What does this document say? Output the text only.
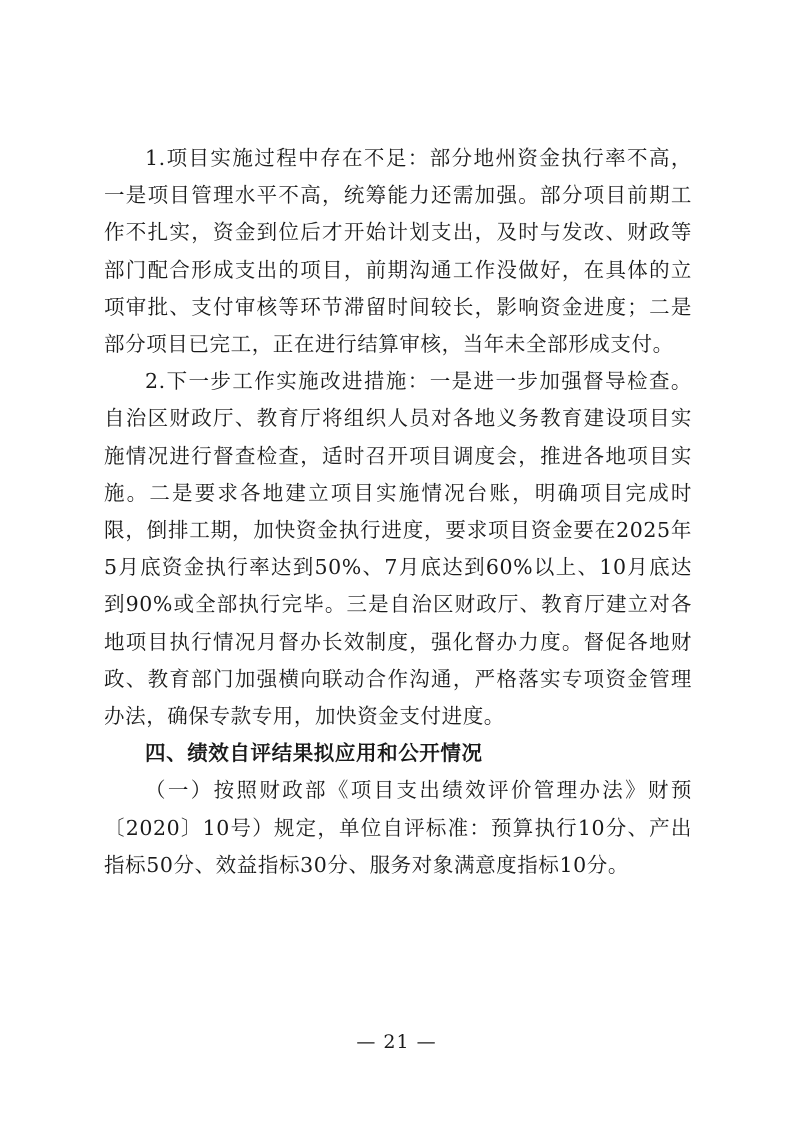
1.项目实施过程中存在不足：部分地州资金执行率不高，一是项目管理水平不高，统筹能力还需加强。部分项目前期工作不扎实，资金到位后才开始计划支出，及时与发改、财政等部门配合形成支出的项目，前期沟通工作没做好，在具体的立项审批、支付审核等环节滞留时间较长，影响资金进度；二是部分项目已完工，正在进行结算审核，当年未全部形成支付。

2.下一步工作实施改进措施：一是进一步加强督导检查。自治区财政厅、教育厅将组织人员对各地义务教育建设项目实施情况进行督查检查，适时召开项目调度会，推进各地项目实施。二是要求各地建立项目实施情况台账，明确项目完成时限，倒排工期，加快资金执行进度，要求项目资金要在2025年5月底资金执行率达到50%、7月底达到60%以上、10月底达到90%或全部执行完毕。三是自治区财政厅、教育厅建立对各地项目执行情况月督办长效制度，强化督办力度。督促各地财政、教育部门加强横向联动合作沟通，严格落实专项资金管理办法，确保专款专用，加快资金支付进度。

四、绩效自评结果拟应用和公开情况

（一）按照财政部《项目支出绩效评价管理办法》财预〔2020〕10号）规定，单位自评标准：预算执行10分、产出指标50分、效益指标30分、服务对象满意度指标10分。

— 21 —
